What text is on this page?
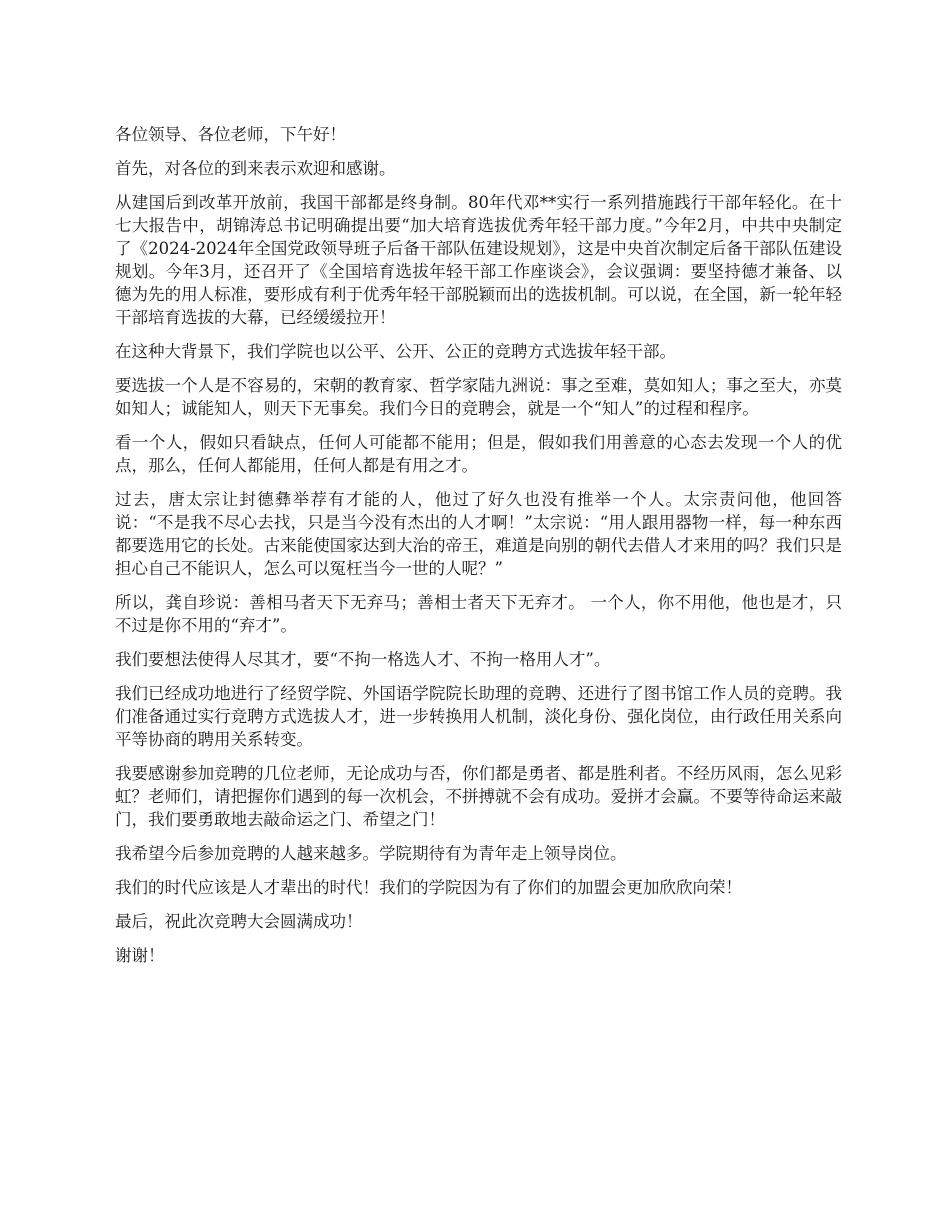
各位领导、各位老师，下午好！

首先，对各位的到来表示欢迎和感谢。

从建国后到改革开放前，我国干部都是终身制。80年代邓**实行一系列措施践行干部年轻化。在十七大报告中，胡锦涛总书记明确提出要“加大培育选拔优秀年轻干部力度。”今年2月，中共中央制定了《2024-2024年全国党政领导班子后备干部队伍建设规划》，这是中央首次制定后备干部队伍建设规划。今年3月，还召开了《全国培育选拔年轻干部工作座谈会》，会议强调：要坚持德才兼备、以德为先的用人标准，要形成有利于优秀年轻干部脱颖而出的选拔机制。可以说，在全国，新一轮年轻干部培育选拔的大幕，已经缓缓拉开！

在这种大背景下，我们学院也以公平、公开、公正的竞聘方式选拔年轻干部。

要选拔一个人是不容易的，宋朝的教育家、哲学家陆九洲说：事之至难，莫如知人；事之至大，亦莫如知人；诚能知人，则天下无事矣。我们今日的竞聘会，就是一个“知人”的过程和程序。

看一个人，假如只看缺点，任何人可能都不能用；但是，假如我们用善意的心态去发现一个人的优点，那么，任何人都能用，任何人都是有用之才。

过去，唐太宗让封德彝举荐有才能的人，他过了好久也没有推举一个人。太宗责问他，他回答说：“不是我不尽心去找，只是当今没有杰出的人才啊！”太宗说：“用人跟用器物一样，每一种东西都要选用它的长处。古来能使国家达到大治的帝王，难道是向别的朝代去借人才来用的吗？我们只是担心自己不能识人，怎么可以冤枉当今一世的人呢？”

所以，龚自珍说：善相马者天下无弃马；善相士者天下无弃才。 一个人，你不用他，他也是才，只不过是你不用的“弃才”。

我们要想法使得人尽其才，要“不拘一格选人才、不拘一格用人才”。

我们已经成功地进行了经贸学院、外国语学院院长助理的竞聘、还进行了图书馆工作人员的竞聘。我们准备通过实行竞聘方式选拔人才，进一步转换用人机制，淡化身份、强化岗位，由行政任用关系向平等协商的聘用关系转变。

我要感谢参加竞聘的几位老师，无论成功与否，你们都是勇者、都是胜利者。不经历风雨，怎么见彩虹？老师们，请把握你们遇到的每一次机会，不拼搏就不会有成功。爱拼才会赢。不要等待命运来敲门，我们要勇敢地去敲命运之门、希望之门！

我希望今后参加竞聘的人越来越多。学院期待有为青年走上领导岗位。

我们的时代应该是人才辈出的时代！我们的学院因为有了你们的加盟会更加欣欣向荣！

最后，祝此次竞聘大会圆满成功！

谢谢！
